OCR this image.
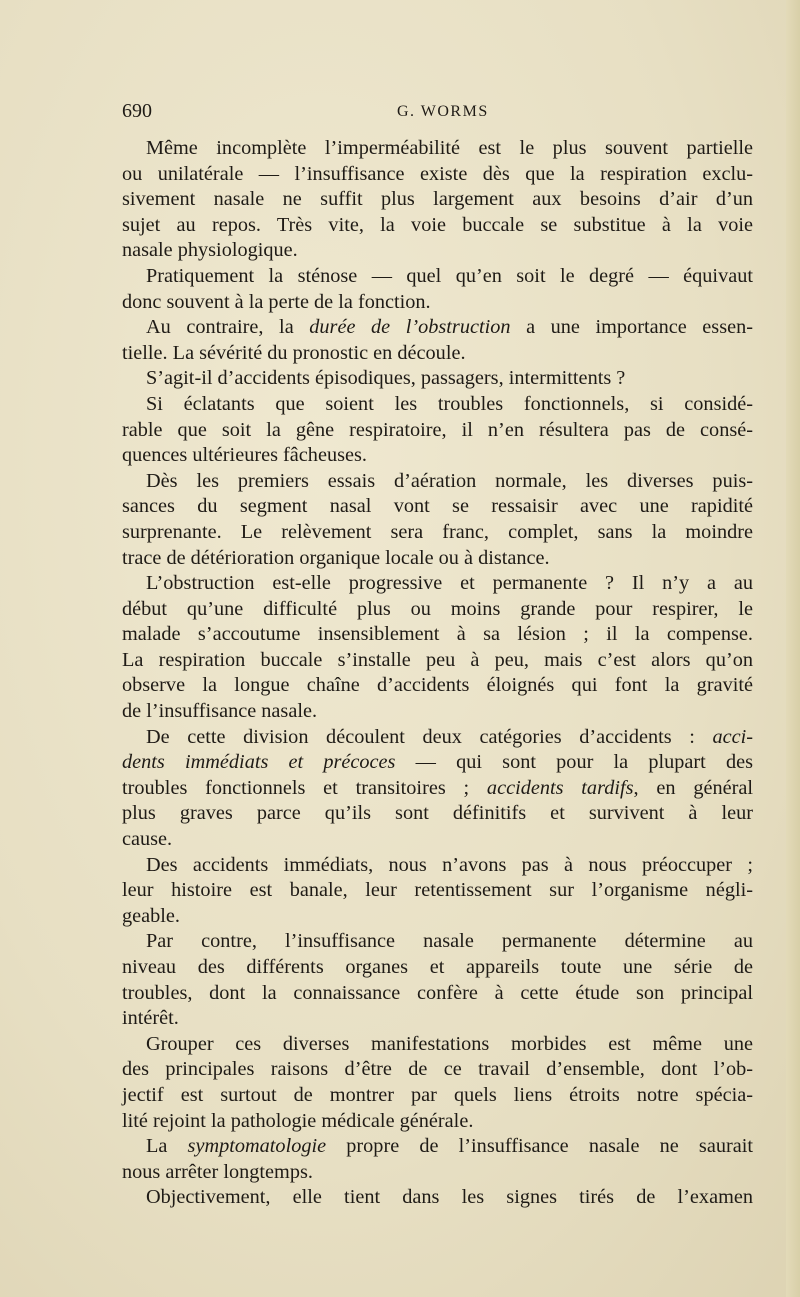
690	G. WORMS
Même incomplète l’imperméabilité est le plus souvent partielle
ou unilatérale — l’insuffisance existe dès que la respiration exclu-
sivement nasale ne suffit plus largement aux besoins d’air d’un
sujet au repos. Très vite, la voie buccale se substitue à la voie
nasale physiologique.
Pratiquement la sténose — quel qu’en soit le degré — équivaut
donc souvent à la perte de la fonction.
Au contraire, la durée de l’obstruction a une importance essen-
tielle. La sévérité du pronostic en découle.
S’agit-il d’accidents épisodiques, passagers, intermittents ?
Si éclatants que soient les troubles fonctionnels, si considé-
rable que soit la gêne respiratoire, il n’en résultera pas de consé-
quences ultérieures fâcheuses.
Dès les premiers essais d’aération normale, les diverses puis-
sances du segment nasal vont se ressaisir avec une rapidité
surprenante. Le relèvement sera franc, complet, sans la moindre
trace de détérioration organique locale ou à distance.
L’obstruction est-elle progressive et permanente ? Il n’y a au
début qu’une difficulté plus ou moins grande pour respirer, le
malade s’accoutume insensiblement à sa lésion ; il la compense.
La respiration buccale s’installe peu à peu, mais c’est alors qu’on
observe la longue chaîne d’accidents éloignés qui font la gravité
de l’insuffisance nasale.
De cette division découlent deux catégories d’accidents : acci-
dents immédiats et précoces — qui sont pour la plupart des
troubles fonctionnels et transitoires ; accidents tardifs, en général
plus graves parce qu’ils sont définitifs et survivent à leur
cause.
Des accidents immédiats, nous n’avons pas à nous préoccuper ;
leur histoire est banale, leur retentissement sur l’organisme négli-
geable.
Par contre, l’insuffisance nasale permanente détermine au
niveau des différents organes et appareils toute une série de
troubles, dont la connaissance confère à cette étude son principal
intérêt.
Grouper ces diverses manifestations morbides est même une
des principales raisons d’être de ce travail d’ensemble, dont l’ob-
jectif est surtout de montrer par quels liens étroits notre spécia-
lité rejoint la pathologie médicale générale.
La symptomatologie propre de l’insuffisance nasale ne saurait
nous arrêter longtemps.
Objectivement, elle tient dans les signes tirés de l’examen
